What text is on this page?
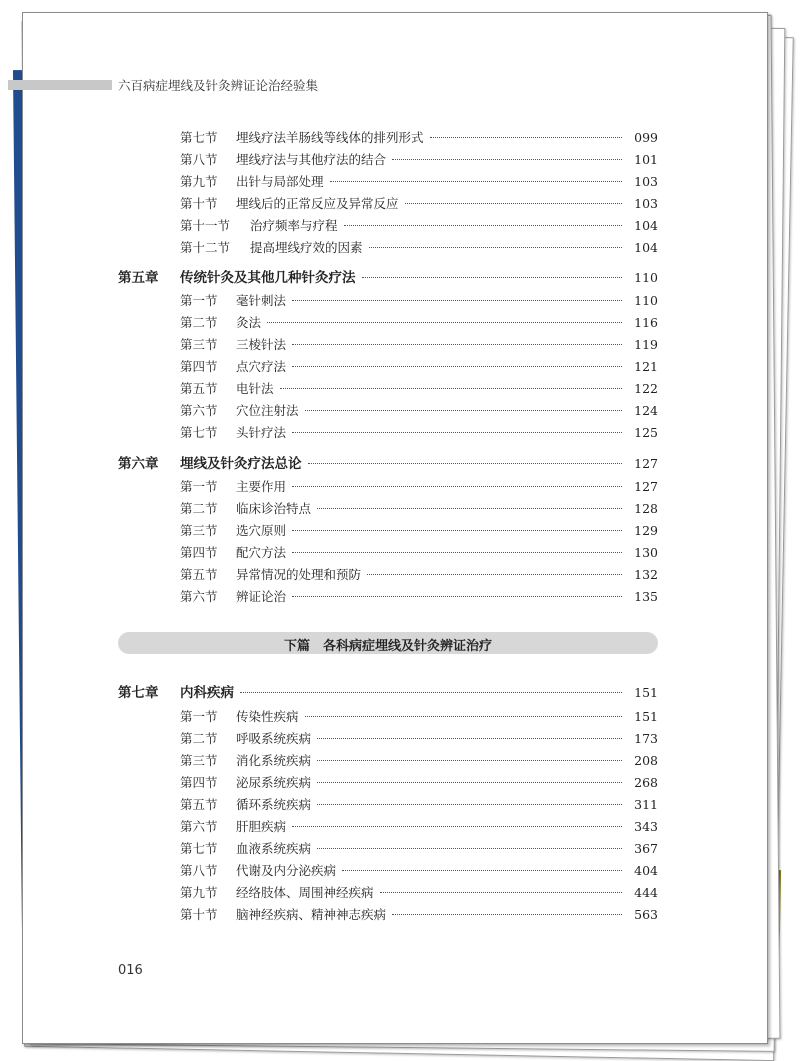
六百病症埋线及针灸辨证论治经验集
第七节	埋线疗法羊肠线等线体的排列形式	099
第八节	埋线疗法与其他疗法的结合	101
第九节	出针与局部处理	103
第十节	埋线后的正常反应及异常反应	103
第十一节	治疗频率与疗程	104
第十二节	提高埋线疗效的因素	104
第五章	传统针灸及其他几种针灸疗法	110
第一节	毫针刺法	110
第二节	灸法	116
第三节	三棱针法	119
第四节	点穴疗法	121
第五节	电针法	122
第六节	穴位注射法	124
第七节	头针疗法	125
第六章	埋线及针灸疗法总论	127
第一节	主要作用	127
第二节	临床诊治特点	128
第三节	选穴原则	129
第四节	配穴方法	130
第五节	异常情况的处理和预防	132
第六节	辨证论治	135
下篇　各科病症埋线及针灸辨证治疗
第七章	内科疾病	151
第一节	传染性疾病	151
第二节	呼吸系统疾病	173
第三节	消化系统疾病	208
第四节	泌尿系统疾病	268
第五节	循环系统疾病	311
第六节	肝胆疾病	343
第七节	血液系统疾病	367
第八节	代谢及内分泌疾病	404
第九节	经络肢体、周围神经疾病	444
第十节	脑神经疾病、精神神志疾病	563
016
